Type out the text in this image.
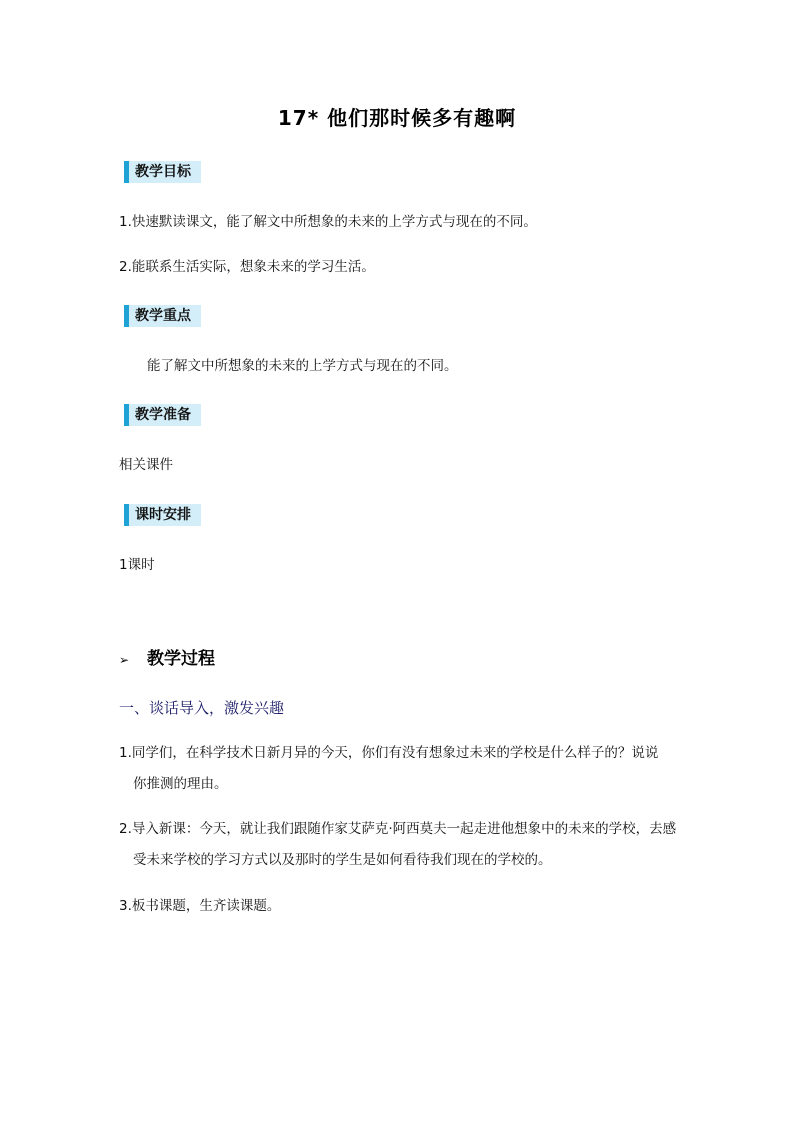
17* 他们那时候多有趣啊
教学目标
1.快速默读课文，能了解文中所想象的未来的上学方式与现在的不同。
2.能联系生活实际，想象未来的学习生活。
教学重点
能了解文中所想象的未来的上学方式与现在的不同。
教学准备
相关课件
课时安排
1课时
➢ 教学过程
一、谈话导入，激发兴趣
1.同学们，在科学技术日新月异的今天，你们有没有想象过未来的学校是什么样子的？说说
你推测的理由。
2.导入新课：今天，就让我们跟随作家艾萨克·阿西莫夫一起走进他想象中的未来的学校，去感
受未来学校的学习方式以及那时的学生是如何看待我们现在的学校的。
3.板书课题，生齐读课题。
